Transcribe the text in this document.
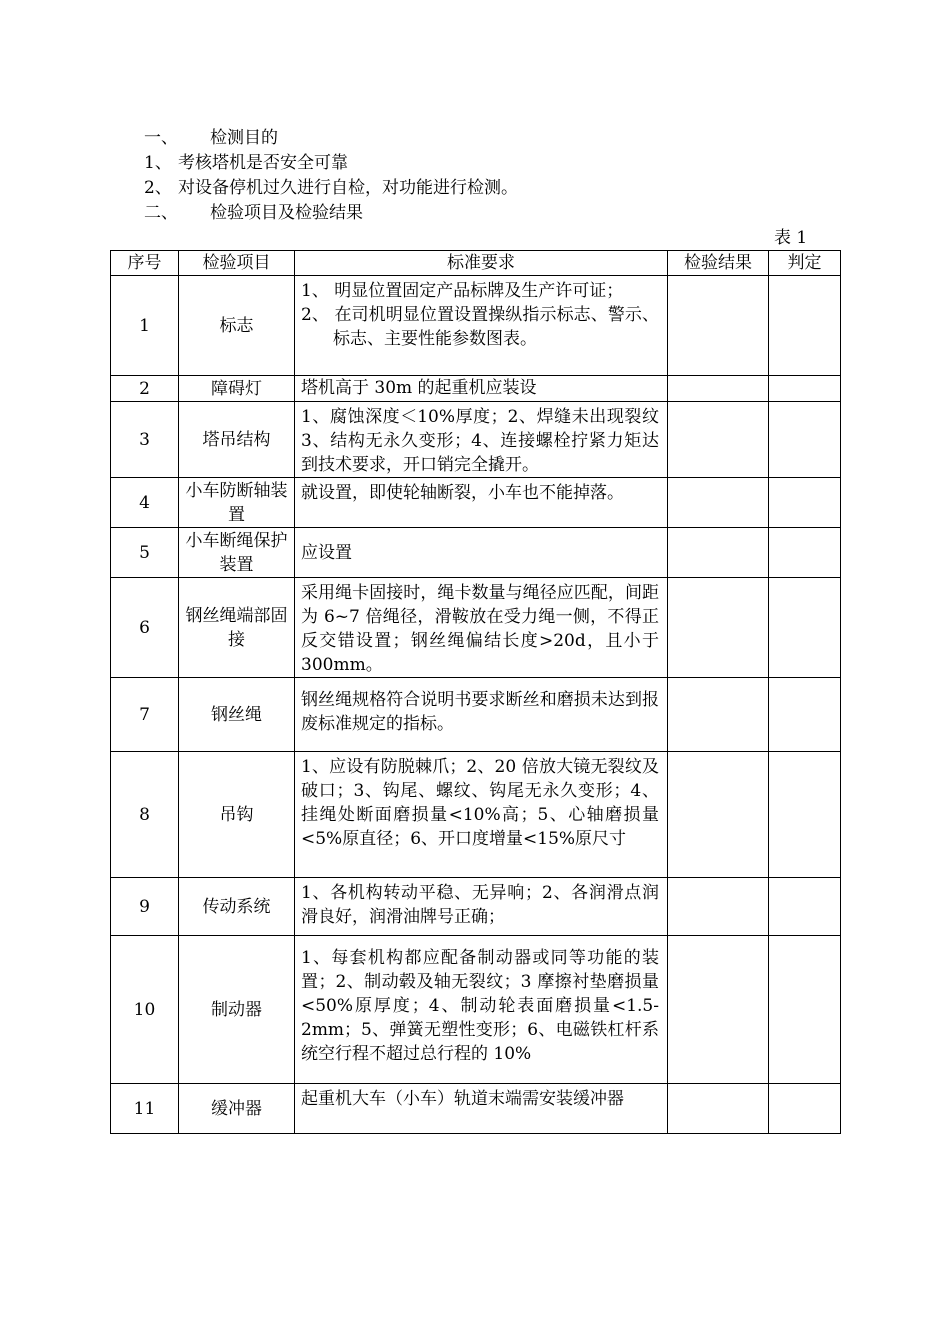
一、 检测目的
1、 考核塔机是否安全可靠
2、 对设备停机过久进行自检，对功能进行检测。
二、 检验项目及检验结果
表 1
序号	检验项目	标准要求	检验结果	判定
1	标志	1、 明显位置固定产品标牌及生产许可证；
2、 在司机明显位置设置操纵指示标志、警示、标志、主要性能参数图表。		

2	障碍灯	塔机高于 30m 的起重机应装设		
3	塔吊结构	1、腐蚀深度＜10%厚度；2、焊缝未出现裂纹 3、结构无永久变形；4、连接螺栓拧紧力矩达到技术要求，开口销完全撬开。		
4	小车防断轴装置	就设置，即使轮轴断裂，小车也不能掉落。		
5	小车断绳保护装置	应设置		
6	钢丝绳端部固接	采用绳卡固接时，绳卡数量与绳径应匹配，间距为 6~7 倍绳径，滑鞍放在受力绳一侧，不得正反交错设置；钢丝绳偏结长度>20d，且小于 300mm。		
7	钢丝绳	钢丝绳规格符合说明书要求断丝和磨损未达到报废标准规定的指标。		
8	吊钩	1、应设有防脱棘爪；2、20 倍放大镜无裂纹及破口；3、钩尾、螺纹、钩尾无永久变形；4、挂绳处断面磨损量<10%高；5、心轴磨损量<5%原直径；6、开口度增量<15%原尺寸		
9	传动系统	1、各机构转动平稳、无异响；2、各润滑点润滑良好，润滑油牌号正确；		
10	制动器	1、每套机构都应配备制动器或同等功能的装置；2、制动毂及轴无裂纹；3 摩擦衬垫磨损量<50%原厚度；4、制动轮表面磨损量<1.5-2mm；5、弹簧无塑性变形；6、电磁铁杠杆系统空行程不超过总行程的 10%		
11	缓冲器	起重机大车（小车）轨道末端需安装缓冲器		
